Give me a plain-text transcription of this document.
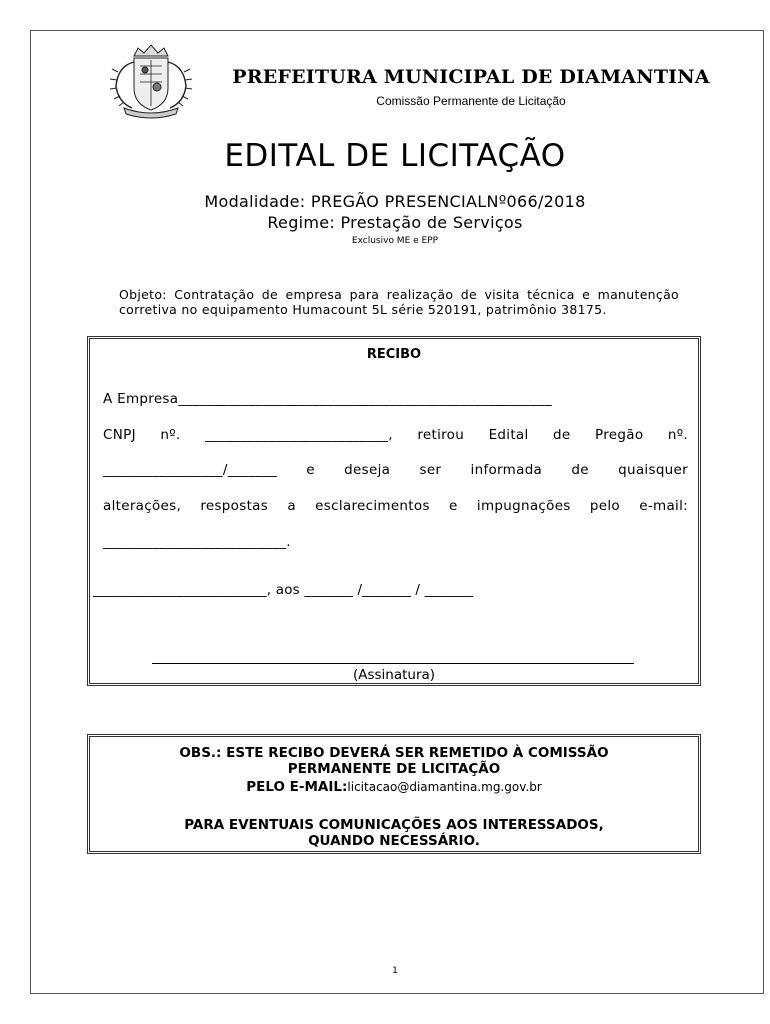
PREFEITURA MUNICIPAL DE DIAMANTINA
Comissão Permanente de Licitação
EDITAL DE LICITAÇÃO
Modalidade: PREGÃO PRESENCIALNº066/2018
Regime: Prestação de Serviços
Exclusivo ME e EPP
Objeto: Contratação de empresa para realização de visita técnica e manutenção corretiva no equipamento Humacount 5L série 520191, patrimônio 38175.
RECIBO
A Empresa_____________________________________________________
CNPJ nº. __________________________, retirou Edital de Pregão nº.
_________________/_______ e deseja ser informada de quaisquer
alterações, respostas a esclarecimentos e impugnações pelo e-mail:
__________________________.
_________________________, aos _______ /_______ / _______
(Assinatura)
OBS.: ESTE RECIBO DEVERÁ SER REMETIDO À COMISSÃO
PERMANENTE DE LICITAÇÃO
PELO E-MAIL:licitacao@diamantina.mg.gov.br
PARA EVENTUAIS COMUNICAÇÕES AOS INTERESSADOS,
QUANDO NECESSÁRIO.
1
